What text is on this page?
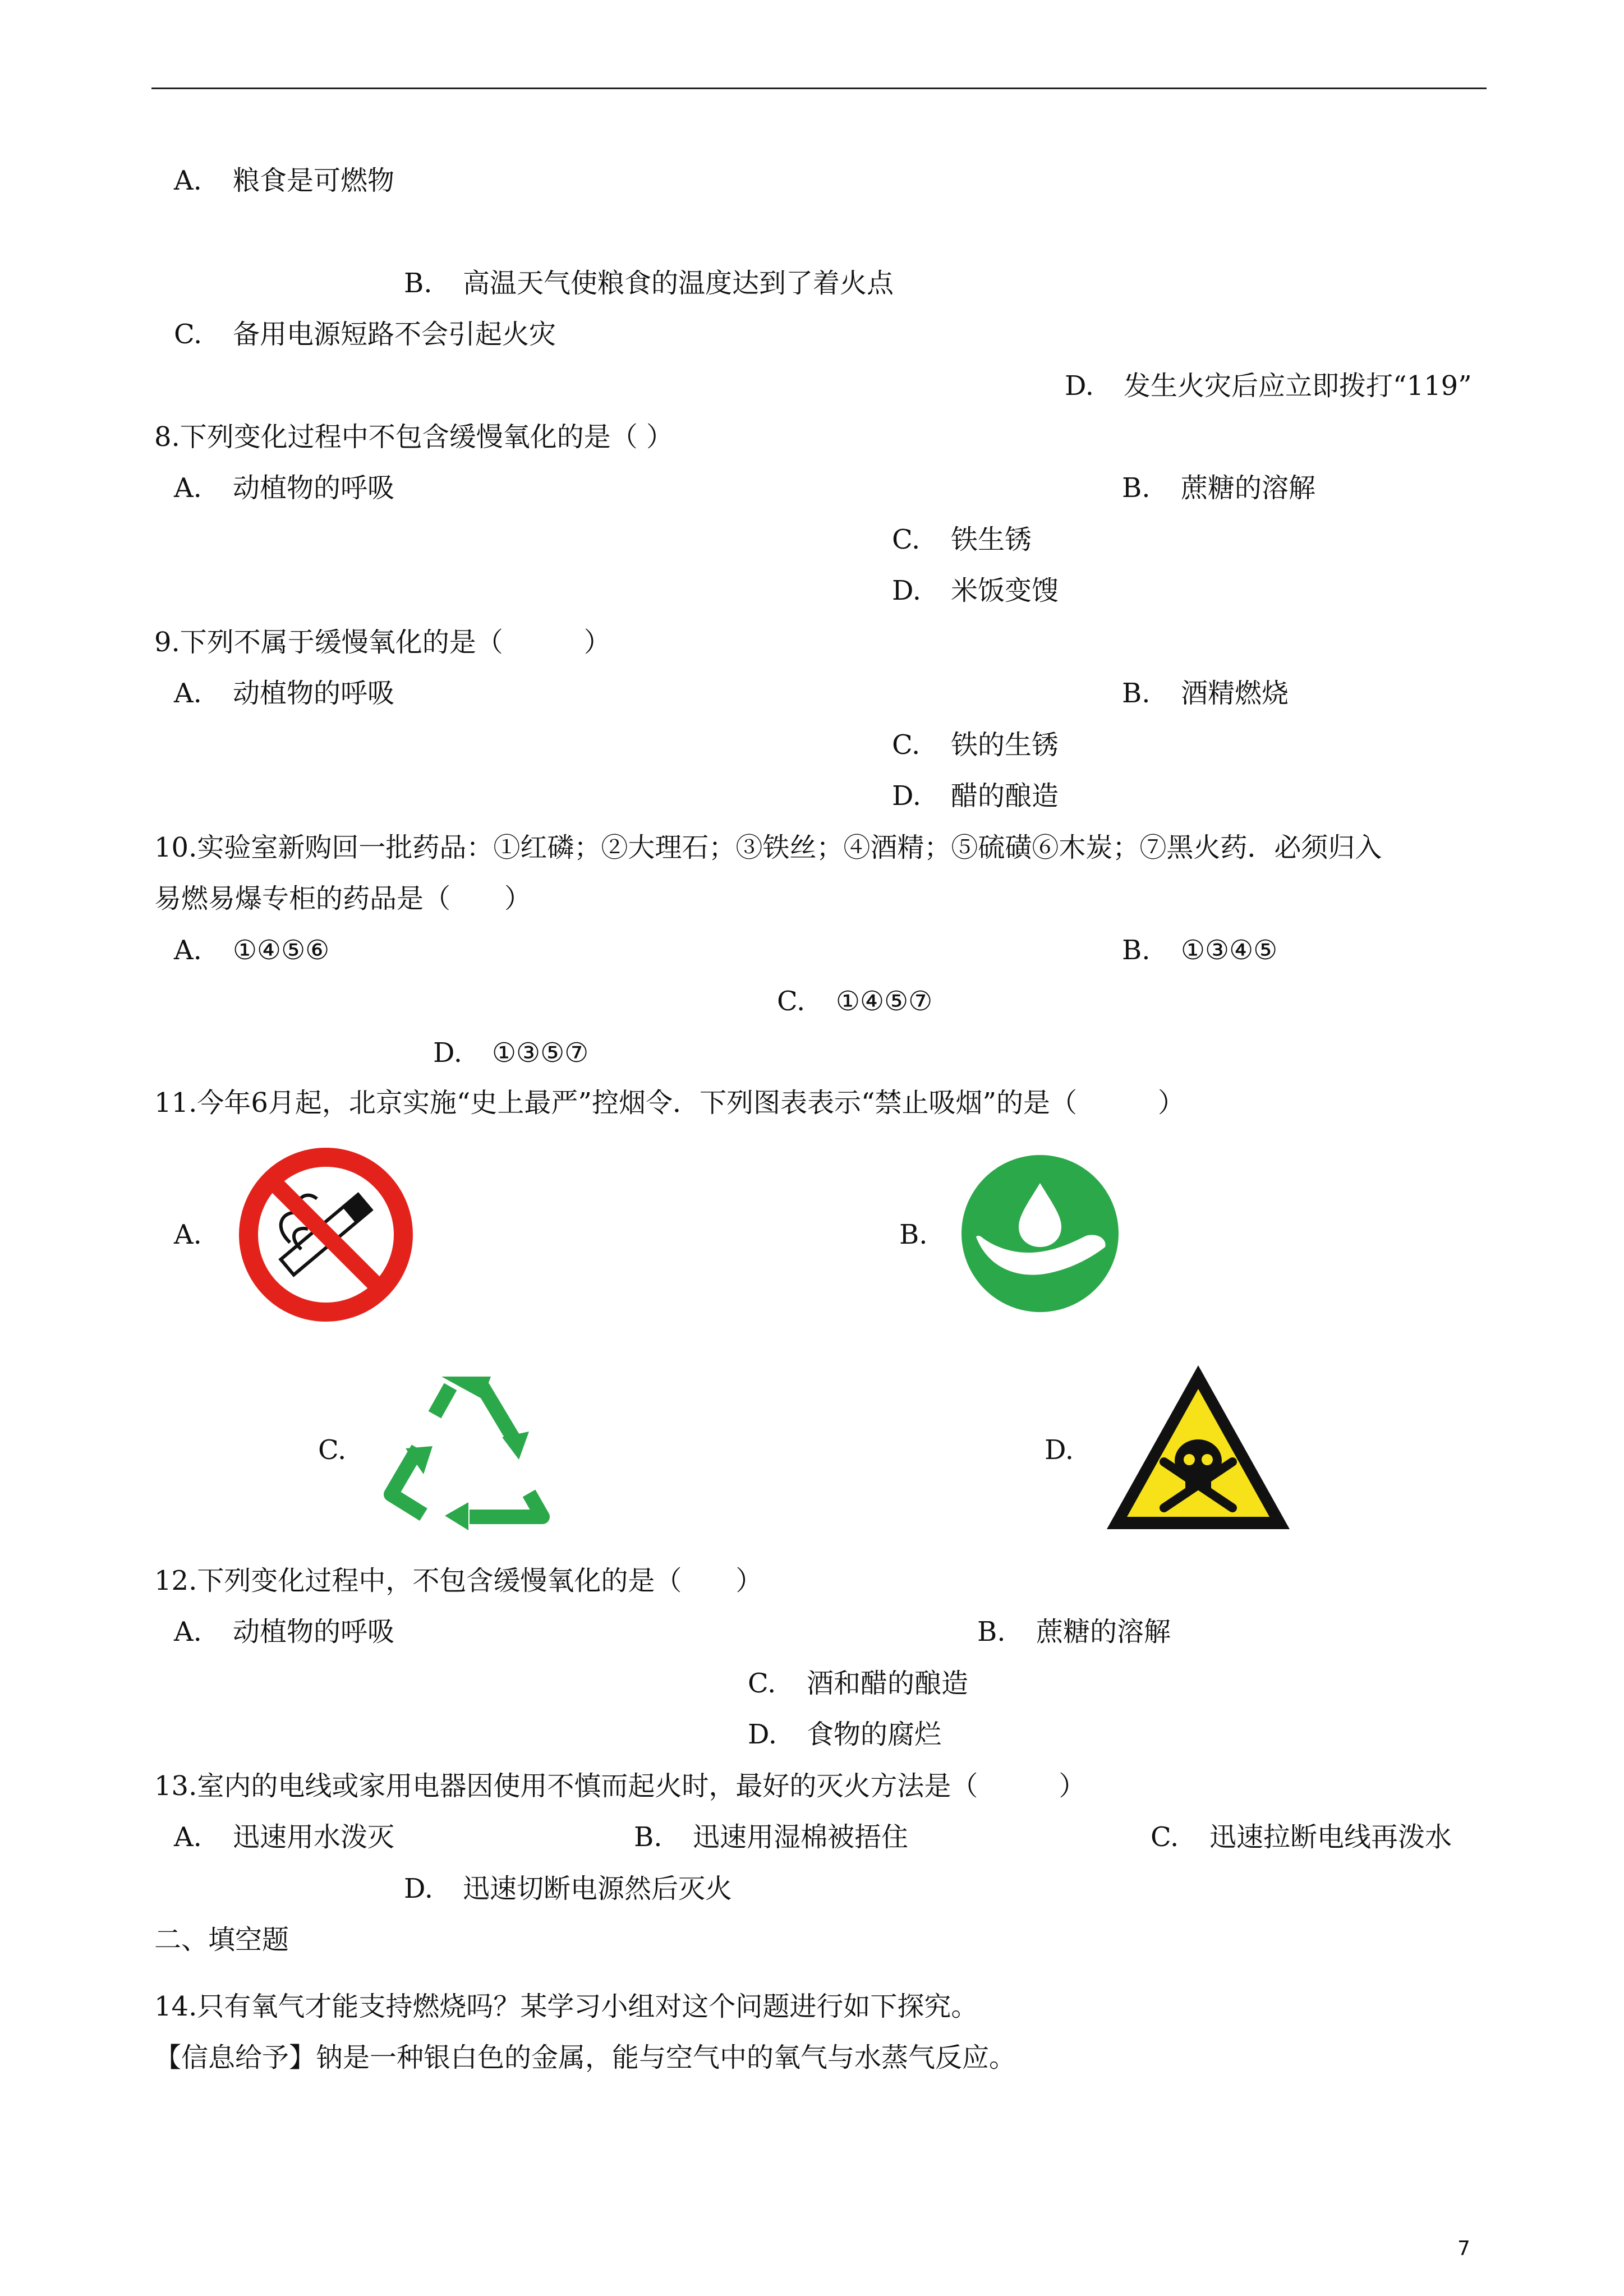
A. 粮食是可燃物
B. 高温天气使粮食的温度达到了着火点
C. 备用电源短路不会引起火灾
D. 发生火灾后应立即拨打“119”
8.下列变化过程中不包含缓慢氧化的是（ ）
A. 动植物的呼吸	B. 蔗糖的溶解
C. 铁生锈
D. 米饭变馊
9.下列不属于缓慢氧化的是（　　　）
A. 动植物的呼吸	B. 酒精燃烧
C. 铁的生锈
D. 醋的酿造
10.实验室新购回一批药品：①红磷；②大理石；③铁丝；④酒精；⑤硫磺⑥木炭；⑦黑火药．必须归入
易燃易爆专柜的药品是（　　）
A. ①④⑤⑥	B. ①③④⑤
C. ①④⑤⑦
D. ①③⑤⑦
11.今年6月起，北京实施“史上最严”控烟令．下列图表表示“禁止吸烟”的是（　　　）
A.	B.
C.	D.
12.下列变化过程中，不包含缓慢氧化的是（　　）
A. 动植物的呼吸	B. 蔗糖的溶解
C. 酒和醋的酿造
D. 食物的腐烂
13.室内的电线或家用电器因使用不慎而起火时，最好的灭火方法是（　　　）
A. 迅速用水泼灭	B. 迅速用湿棉被捂住	C. 迅速拉断电线再泼水
D. 迅速切断电源然后灭火
二、填空题
14.只有氧气才能支持燃烧吗？某学习小组对这个问题进行如下探究。
【信息给予】钠是一种银白色的金属，能与空气中的氧气与水蒸气反应。
7
